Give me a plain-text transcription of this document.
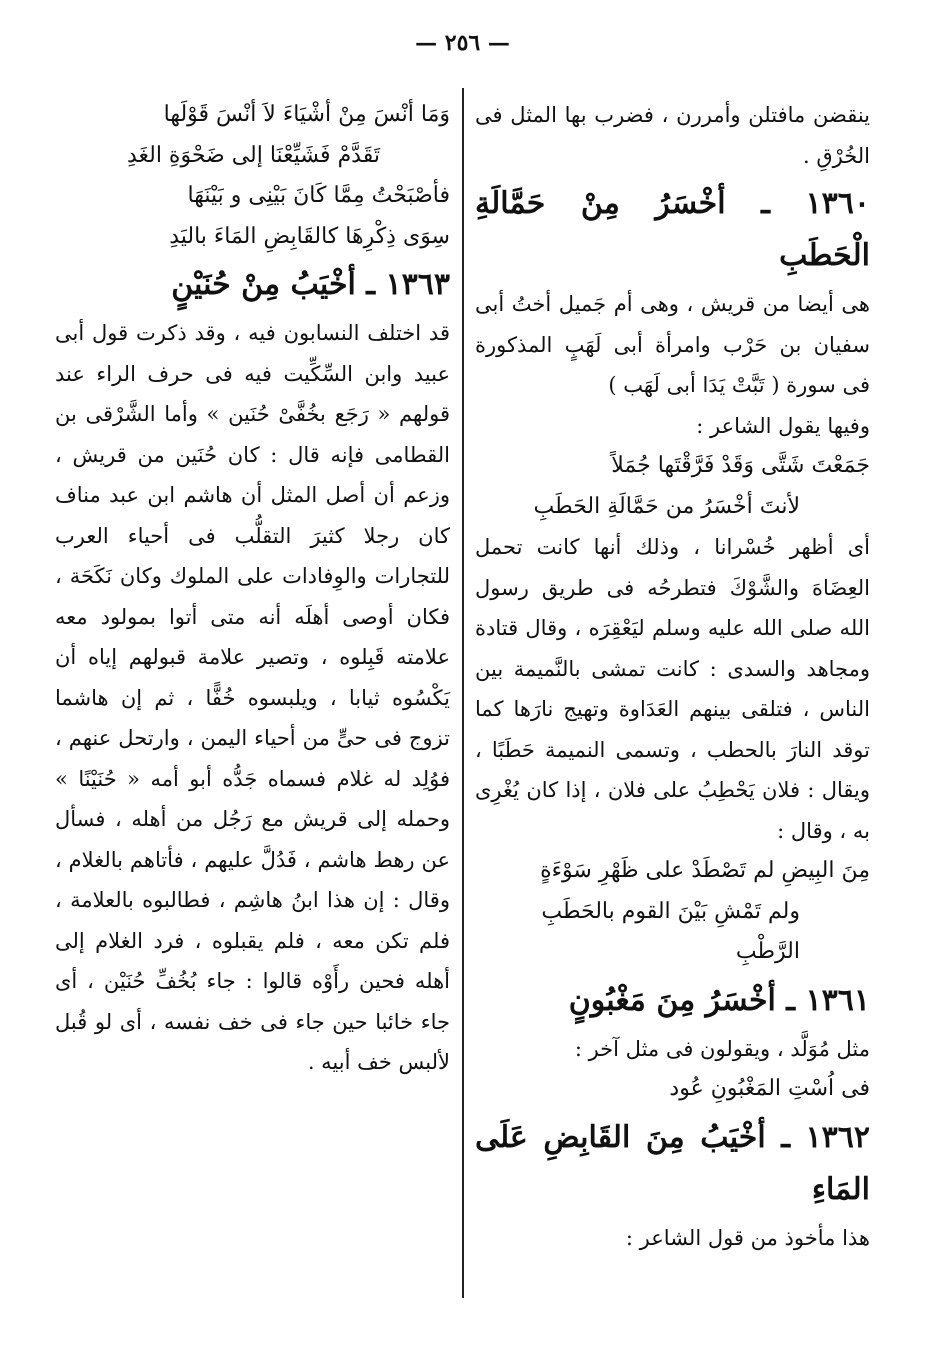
— ٢٥٦ —

ينقضن مافتلن وأمررن ، فضرب بها المثل فى الخُرْقِ .

١٣٦٠ ـ أخْسَرُ مِنْ حَمَّالَةِ الْحَطَبِ

هى أيضا من قريش ، وهى أم جَميل أختُ أبى سفيان بن حَرْب وامرأة أبى لَهَبٍ المذكورة فى سورة ( تَبَّتْ يَدَا أبى لَهَب )

وفيها يقول الشاعر :

جَمَعْتَ شَتَّى وَقَدْ فَرَّقْتَها جُمَلاً

لأنتَ أخْسَرُ من حَمَّالَةِ الحَطَبِ

أى أظهر خُسْرانا ، وذلك أنها كانت تحمل العِضَاهَ والشَّوْكَ فتطرحُه فى طريق رسول الله صلى الله عليه وسلم ليَعْقِرَه ، وقال قتادة ومجاهد والسدى : كانت تمشى بالنَّميمة بين الناس ، فتلقى بينهم العَدَاوة وتهيج نارَها كما توقد النارَ بالحطب ، وتسمى النميمة حَطَبًا ، ويقال : فلان يَحْطِبُ على فلان ، إذا كان يُغْرِى به ، وقال :

مِنَ البِيضِ لم تَصْطَدْ على ظَهْرِ سَوْءَةٍ

ولم تَمْشِ بَيْنَ القوم بالحَطَبِ الرَّطْبِ

١٣٦١ ـ أخْسَرُ مِنَ مَغْبُونٍ

مثل مُوَلَّد ، ويقولون فى مثل آخر :

فى اُسْتِ المَغْبُونِ عُود

١٣٦٢ ـ أخْيَبُ مِنَ القَابِضِ عَلَى المَاءِ

هذا مأخوذ من قول الشاعر :

وَمَا أنْسَ مِنْ أشْيَاءَ لاَ أنْسَ قَوْلَها

تَقَدَّمْ فَشَيِّعْنَا إلى ضَحْوَةِ الغَدِ

فأصْبَحْتُ مِمَّا كَانَ بَيْنِى و بَيْنَهَا

سِوَى ذِكْرِهَا كالقَابِضِ المَاءَ باليَدِ

١٣٦٣ ـ أخْيَبُ مِنْ حُنَيْنٍ

قد اختلف النسابون فيه ، وقد ذكرت قول أبى عبيد وابن السِّكِّيت فيه فى حرف الراء عند قولهم « رَجَع بخُفَّىْ حُنَين » وأما الشَّرْقى بن القطامى فإنه قال : كان حُنَين من قريش ، وزعم أن أصل المثل أن هاشم ابن عبد مناف كان رجلا كثيرَ التقلُّب فى أحياء العرب للتجارات والوِفادات على الملوك وكان نَكَحَة ، فكان أوصى أهلَه أنه متى أتوا بمولود معه علامته قَبِلوه ، وتصير علامة قبولهم إياه أن يَكْسُوه ثيابا ، ويلبسوه خُفًّا ، ثم إن هاشما تزوج فى حىٍّ من أحياء اليمن ، وارتحل عنهم ، فوُلِد له غلام فسماه جَدُّه أبو أمه « حُنَيْنًا » وحمله إلى قريش مع رَجُل من أهله ، فسأل عن رهط هاشم ، فَدُلَّ عليهم ، فأتاهم بالغلام ، وقال : إن هذا ابنُ هاشِم ، فطالبوه بالعلامة ، فلم تكن معه ، فلم يقبلوه ، فرد الغلام إلى أهله فحين رأَوْه قالوا : جاء بُخُفِّ حُنَيْن ، أى جاء خائبا حين جاء فى خف نفسه ، أى لو قُبل لألبس خف أبيه .
